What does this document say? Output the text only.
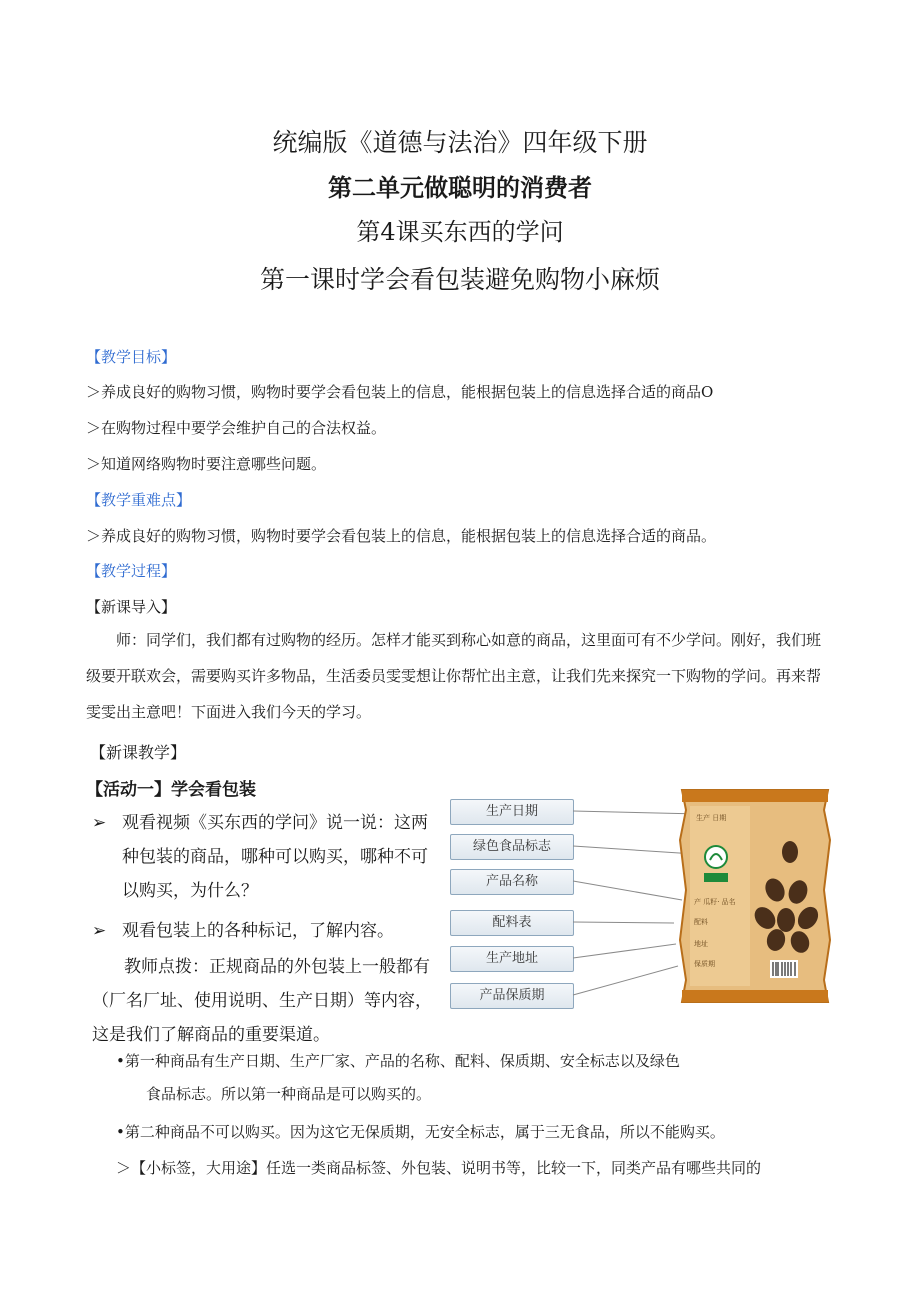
统编版《道德与法治》四年级下册
第二单元做聪明的消费者
第4课买东西的学问
第一课时学会看包装避免购物小麻烦
【教学目标】
＞养成良好的购物习惯，购物时要学会看包装上的信息，能根据包装上的信息选择合适的商品O
＞在购物过程中要学会维护自己的合法权益。
＞知道网络购物时要注意哪些问题。
【教学重难点】
＞养成良好的购物习惯，购物时要学会看包装上的信息，能根据包装上的信息选择合适的商品。
【教学过程】
【新课导入】
师：同学们，我们都有过购物的经历。怎样才能买到称心如意的商品，这里面可有不少学问。刚好，我们班级要开联欢会，需要购买许多物品，生活委员雯雯想让你帮忙出主意，让我们先来探究一下购物的学问。再来帮雯雯出主意吧！下面进入我们今天的学习。
【新课教学】
【活动一】学会看包装
➢ 观看视频《买东西的学问》说一说：这两种包装的商品，哪种可以购买，哪种不可以购买，为什么？
➢ 观看包装上的各种标记，了解内容。
教师点拨：正规商品的外包装上一般都有（厂名厂址、使用说明、生产日期）等内容，这是我们了解商品的重要渠道。
生产日期
绿色食品标志
产品名称
配料表
生产地址
产品保质期
生产 日期
产 瓜籽· 品名
配料
地址
保质期
•第一种商品有生产日期、生产厂家、产品的名称、配料、保质期、安全标志以及绿色
食品标志。所以第一种商品是可以购买的。
•第二种商品不可以购买。因为这它无保质期，无安全标志，属于三无食品，所以不能购买。
＞【小标签，大用途】任选一类商品标签、外包装、说明书等，比较一下，同类产品有哪些共同的
